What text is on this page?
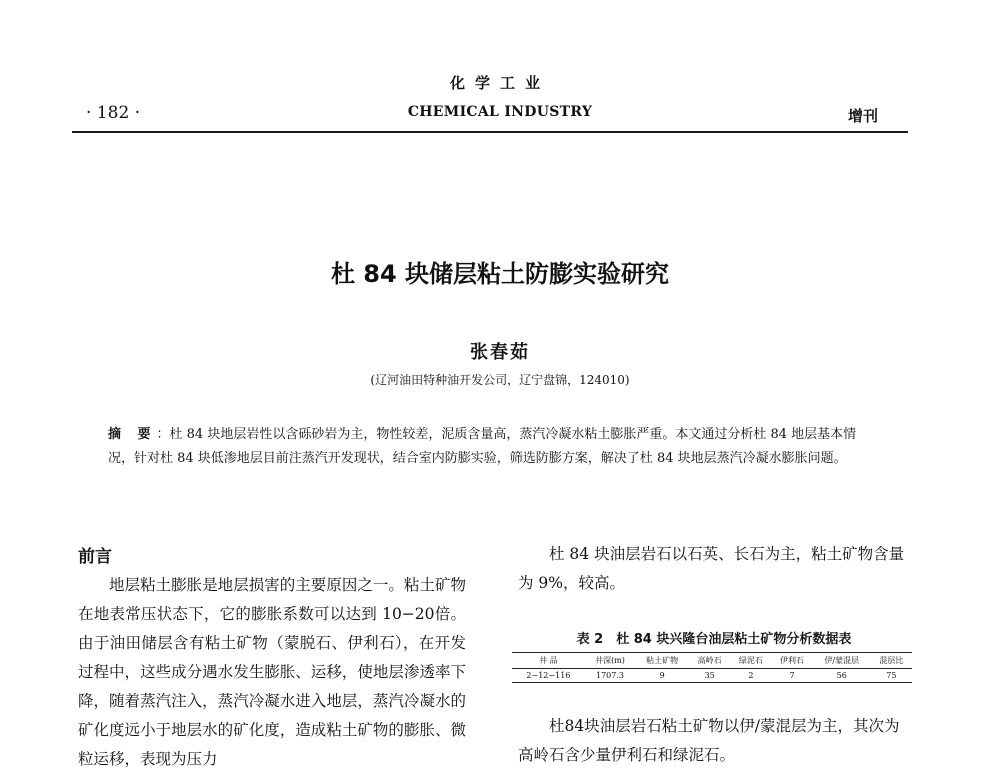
化学工业
· 182 ·	CHEMICAL INDUSTRY	增刊
杜 84 块储层粘土防膨实验研究
张春茹
(辽河油田特种油开发公司，辽宁盘锦，124010)
摘 要：杜 84 块地层岩性以含砾砂岩为主，物性较差，泥质含量高，蒸汽冷凝水粘土膨胀严重。本文通过分析杜 84 地层基本情况，针对杜 84 块低渗地层目前注蒸汽开发现状，结合室内防膨实验，筛选防膨方案，解决了杜 84 块地层蒸汽冷凝水膨胀问题。
前言
地层粘土膨胀是地层损害的主要原因之一。粘土矿物在地表常压状态下，它的膨胀系数可以达到 10−20倍。由于油田储层含有粘土矿物（蒙脱石、伊利石），在开发过程中，这些成分遇水发生膨胀、运移，使地层渗透率下降，随着蒸汽注入，蒸汽冷凝水进入地层，蒸汽冷凝水的矿化度远小于地层水的矿化度，造成粘土矿物的膨胀、微粒运移，表现为压力
杜 84 块油层岩石以石英、长石为主，粘土矿物含量为 9%，较高。
表 2　杜 84 块兴隆台油层粘土矿物分析数据表
井 品	井深(m)	粘土矿物	高岭石	绿泥石	伊利石	伊/蒙混层	混层比
2−12−116	1707.3	9	35	2	7	56	75
杜84块油层岩石粘土矿物以伊/蒙混层为主，其次为高岭石含少量伊利石和绿泥石。
